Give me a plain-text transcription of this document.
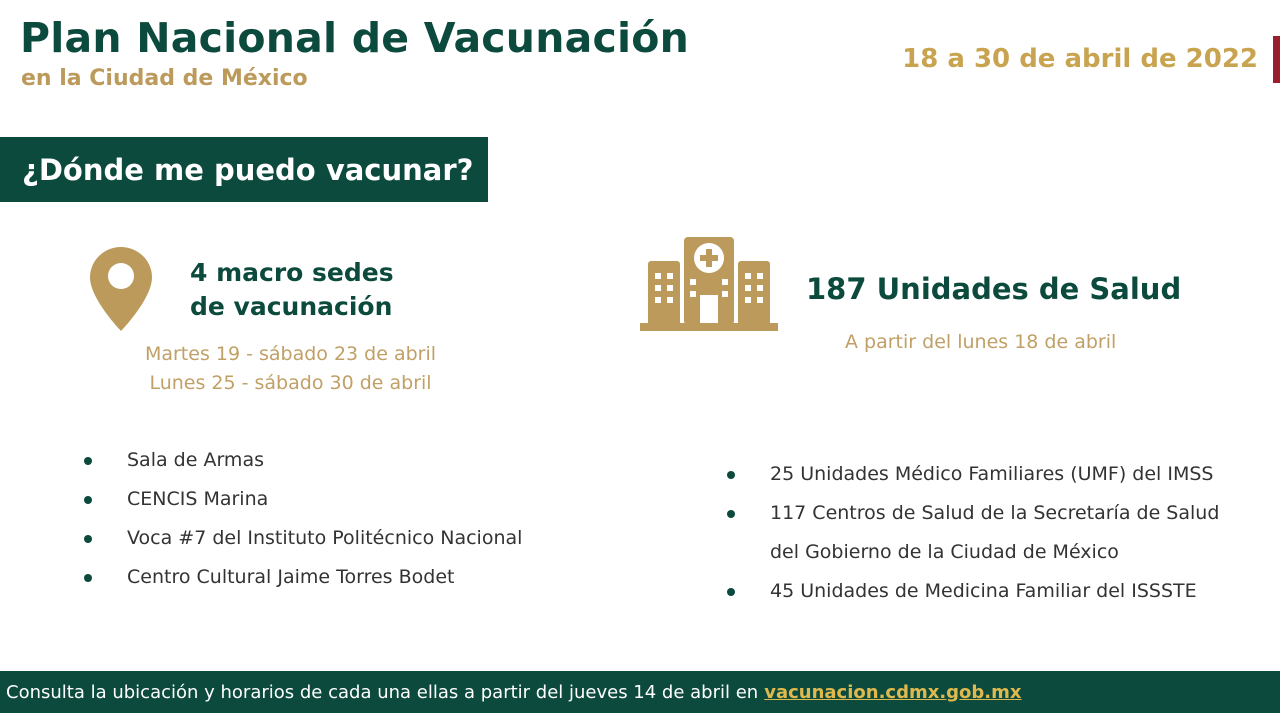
Plan Nacional de Vacunación
en la Ciudad de México
18 a 30 de abril de 2022
¿Dónde me puedo vacunar?
4 macro sedes
de vacunación
Martes 19 - sábado 23 de abril
Lunes 25 - sábado 30 de abril
Sala de Armas
CENCIS Marina
Voca #7 del Instituto Politécnico Nacional
Centro Cultural Jaime Torres Bodet
187 Unidades de Salud
A partir del lunes 18 de abril
25 Unidades Médico Familiares (UMF) del IMSS
117 Centros de Salud de la Secretaría de Salud
del Gobierno de la Ciudad de México
45 Unidades de Medicina Familiar del ISSSTE
Consulta la ubicación y horarios de cada una ellas a partir del jueves 14 de abril en vacunacion.cdmx.gob.mx
